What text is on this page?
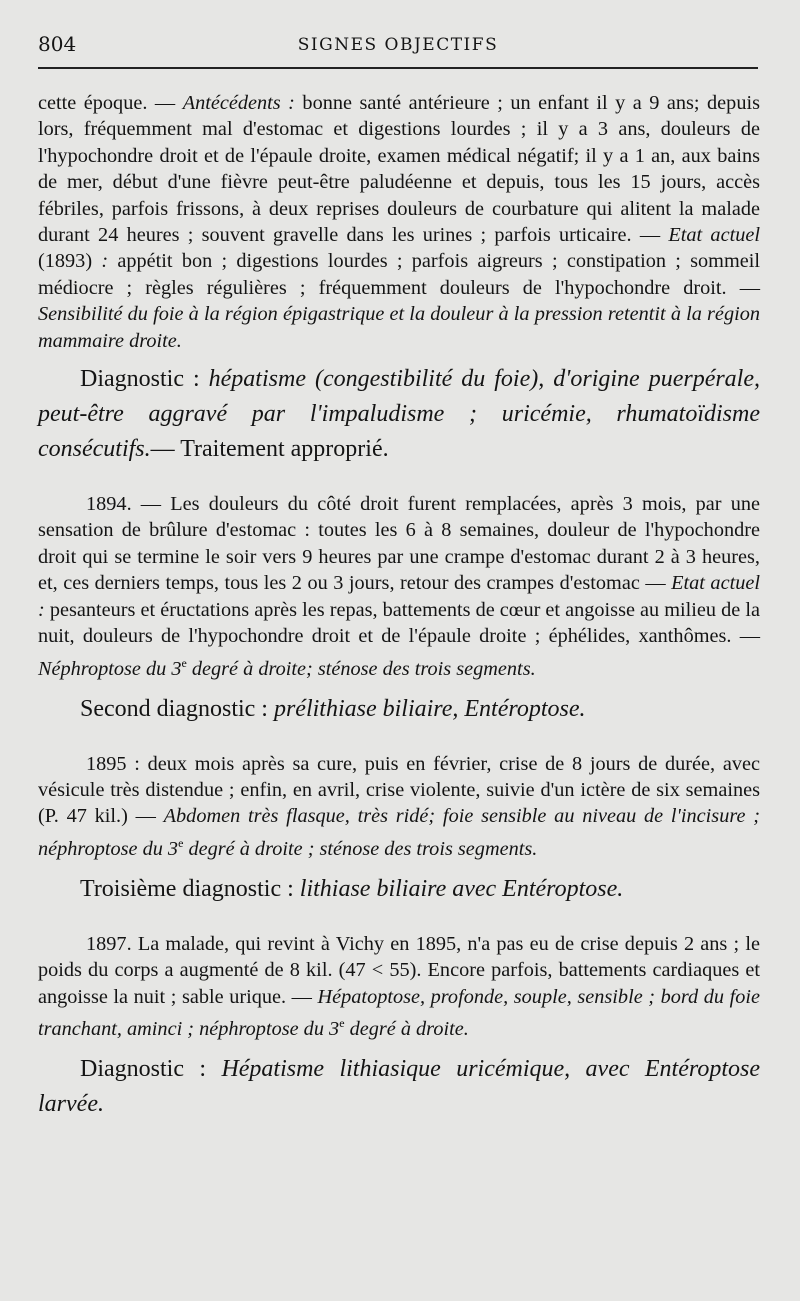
804	SIGNES OBJECTIFS

cette époque. — Antécédents : bonne santé antérieure ; un enfant il y a 9 ans; depuis lors, fréquemment mal d'estomac et digestions lourdes ; il y a 3 ans, douleurs de l'hypochondre droit et de l'épaule droite, examen médical négatif; il y a 1 an, aux bains de mer, début d'une fièvre peut-être paludéenne et depuis, tous les 15 jours, accès fébriles, parfois frissons, à deux reprises douleurs de courbature qui alitent la malade durant 24 heures ; souvent gravelle dans les urines ; parfois urticaire. — Etat actuel (1893) : appétit bon ; digestions lourdes ; parfois aigreurs ; constipation ; sommeil médiocre ; règles régulières ; fréquemment douleurs de l'hypochondre droit. — Sensibilité du foie à la région épigastrique et la douleur à la pression retentit à la région mammaire droite.

Diagnostic : hépatisme (congestibilité du foie), d'origine puerpérale, peut-être aggravé par l'impaludisme ; uricémie, rhumatoïdisme consécutifs.— Traitement approprié.

1894. — Les douleurs du côté droit furent remplacées, après 3 mois, par une sensation de brûlure d'estomac : toutes les 6 à 8 semaines, douleur de l'hypochondre droit qui se termine le soir vers 9 heures par une crampe d'estomac durant 2 à 3 heures, et, ces derniers temps, tous les 2 ou 3 jours, retour des crampes d'estomac — Etat actuel : pesanteurs et éructations après les repas, battements de cœur et angoisse au milieu de la nuit, douleurs de l'hypochondre droit et de l'épaule droite ; éphélides, xanthômes. — Néphroptose du 3e degré à droite; sténose des trois segments.

Second diagnostic : prélithiase biliaire, Entéroptose.

1895 : deux mois après sa cure, puis en février, crise de 8 jours de durée, avec vésicule très distendue ; enfin, en avril, crise violente, suivie d'un ictère de six semaines (P. 47 kil.) — Abdomen très flasque, très ridé; foie sensible au niveau de l'incisure ; néphroptose du 3e degré à droite ; sténose des trois segments.

Troisième diagnostic : lithiase biliaire avec Entéroptose.

1897. La malade, qui revint à Vichy en 1895, n'a pas eu de crise depuis 2 ans ; le poids du corps a augmenté de 8 kil. (47 < 55). Encore parfois, battements cardiaques et angoisse la nuit ; sable urique. — Hépatoptose, profonde, souple, sensible ; bord du foie tranchant, aminci ; néphroptose du 3e degré à droite.

Diagnostic : Hépatisme lithiasique uricémique, avec Entéroptose larvée.
